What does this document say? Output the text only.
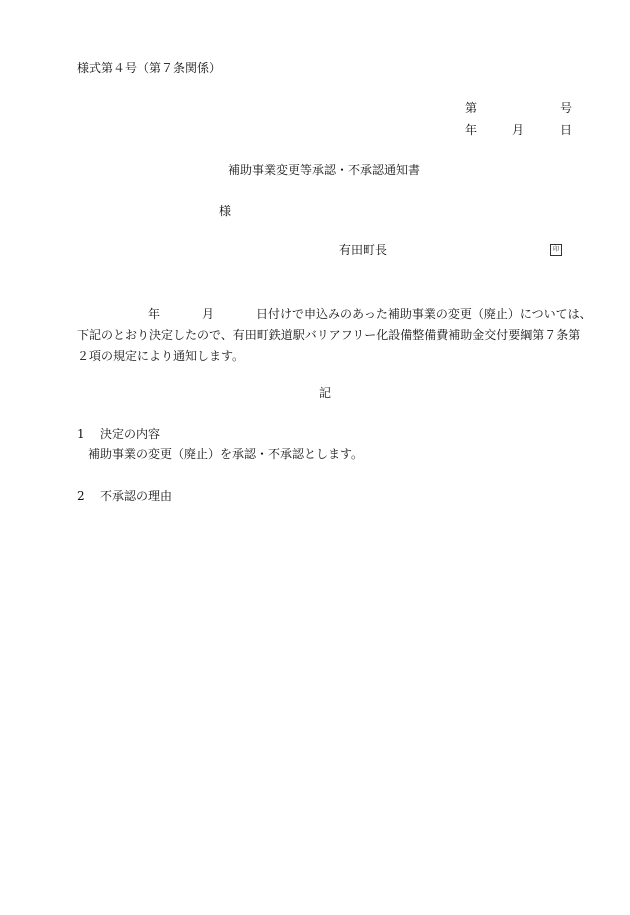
様式第４号（第７条関係）
第	号
年	月	日
補助事業変更等承認・不承認通知書
様
有田町長	印
年	月	日付けで申込みのあった補助事業の変更（廃止）については、
下記のとおり決定したので、有田町鉄道駅バリアフリー化設備整備費補助金交付要綱第７条第
２項の規定により通知します。
記
1 決定の内容
補助事業の変更（廃止）を承認・不承認とします。
2 不承認の理由
